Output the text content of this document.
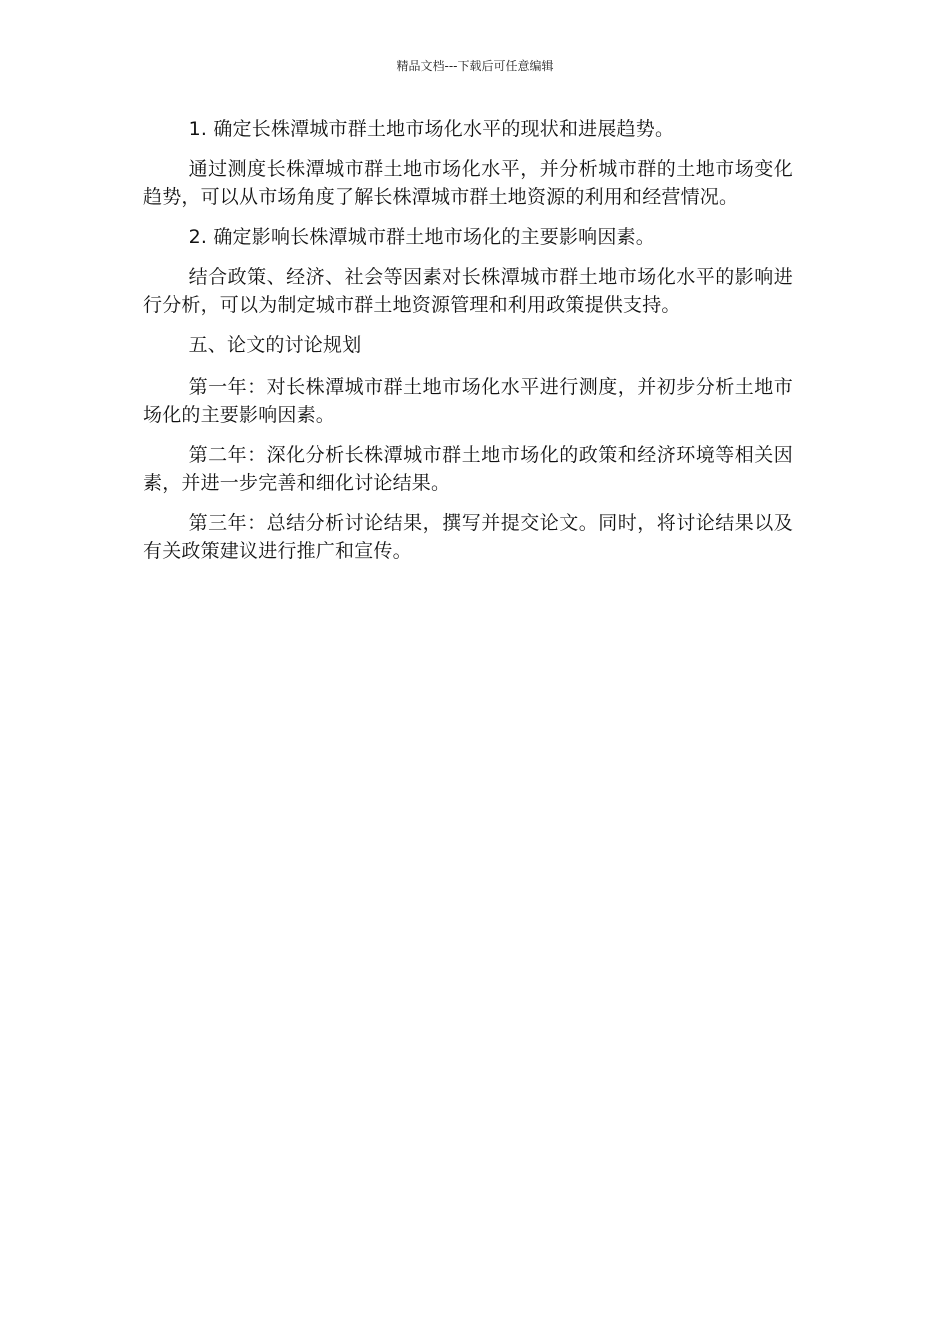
精品文档---下载后可任意编辑

1. 确定长株潭城市群土地市场化水平的现状和进展趋势。

通过测度长株潭城市群土地市场化水平，并分析城市群的土地市场变化趋势，可以从市场角度了解长株潭城市群土地资源的利用和经营情况。

2. 确定影响长株潭城市群土地市场化的主要影响因素。

结合政策、经济、社会等因素对长株潭城市群土地市场化水平的影响进行分析，可以为制定城市群土地资源管理和利用政策提供支持。

五、论文的讨论规划

第一年：对长株潭城市群土地市场化水平进行测度，并初步分析土地市场化的主要影响因素。

第二年：深化分析长株潭城市群土地市场化的政策和经济环境等相关因素，并进一步完善和细化讨论结果。

第三年：总结分析讨论结果，撰写并提交论文。同时，将讨论结果以及有关政策建议进行推广和宣传。
